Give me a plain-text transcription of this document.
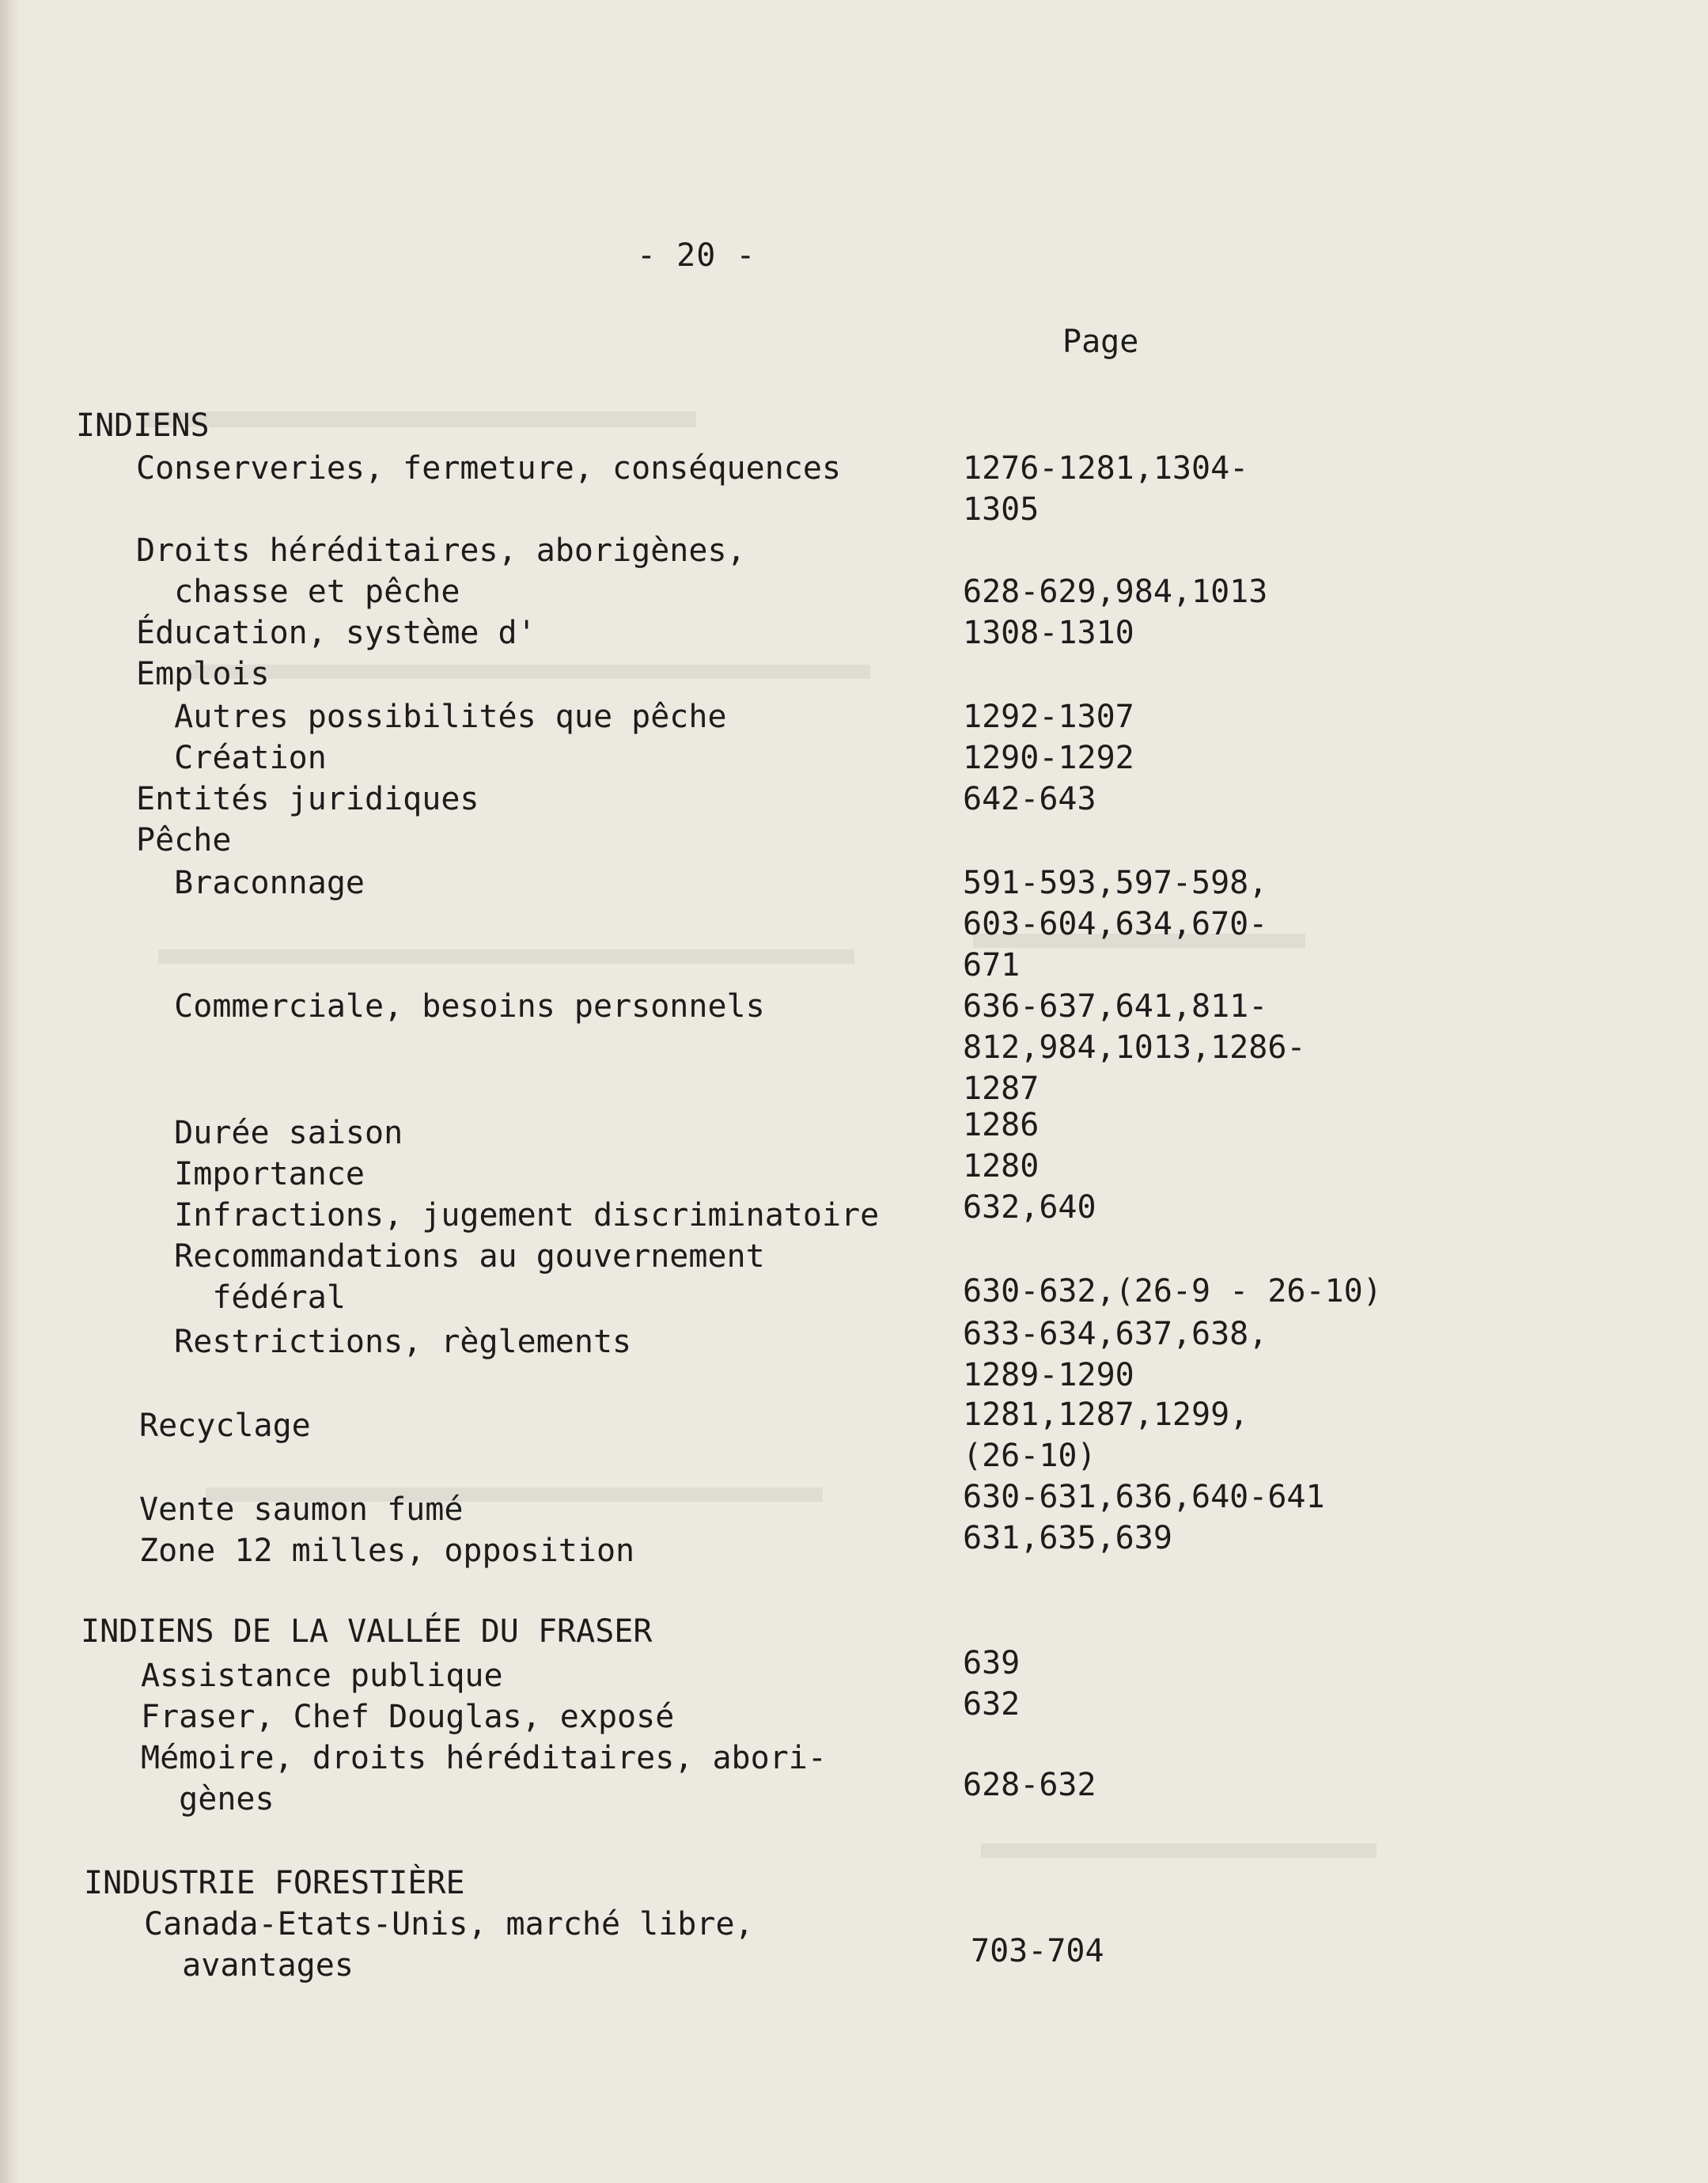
- 20 -
Page
INDIENS
Conserveries, fermeture, conséquences	1276-1281,1304-
1305
Droits héréditaires, aborigènes,
chasse et pêche	628-629,984,1013
Éducation, système d'	1308-1310
Emplois
Autres possibilités que pêche	1292-1307
Création	1290-1292
Entités juridiques	642-643
Pêche
Braconnage	591-593,597-598,
603-604,634,670-
671
Commerciale, besoins personnels	636-637,641,811-
812,984,1013,1286-
1287
Durée saison	1286
Importance	1280
Infractions, jugement discriminatoire	632,640
Recommandations au gouvernement
fédéral	630-632,(26-9 - 26-10)
Restrictions, règlements	633-634,637,638,
1289-1290
Recyclage	1281,1287,1299,
(26-10)
Vente saumon fumé	630-631,636,640-641
Zone 12 milles, opposition	631,635,639
INDIENS DE LA VALLÉE DU FRASER
Assistance publique	639
Fraser, Chef Douglas, exposé	632
Mémoire, droits héréditaires, abori-
gènes	628-632
INDUSTRIE FORESTIÈRE
Canada-Etats-Unis, marché libre,
avantages	703-704
